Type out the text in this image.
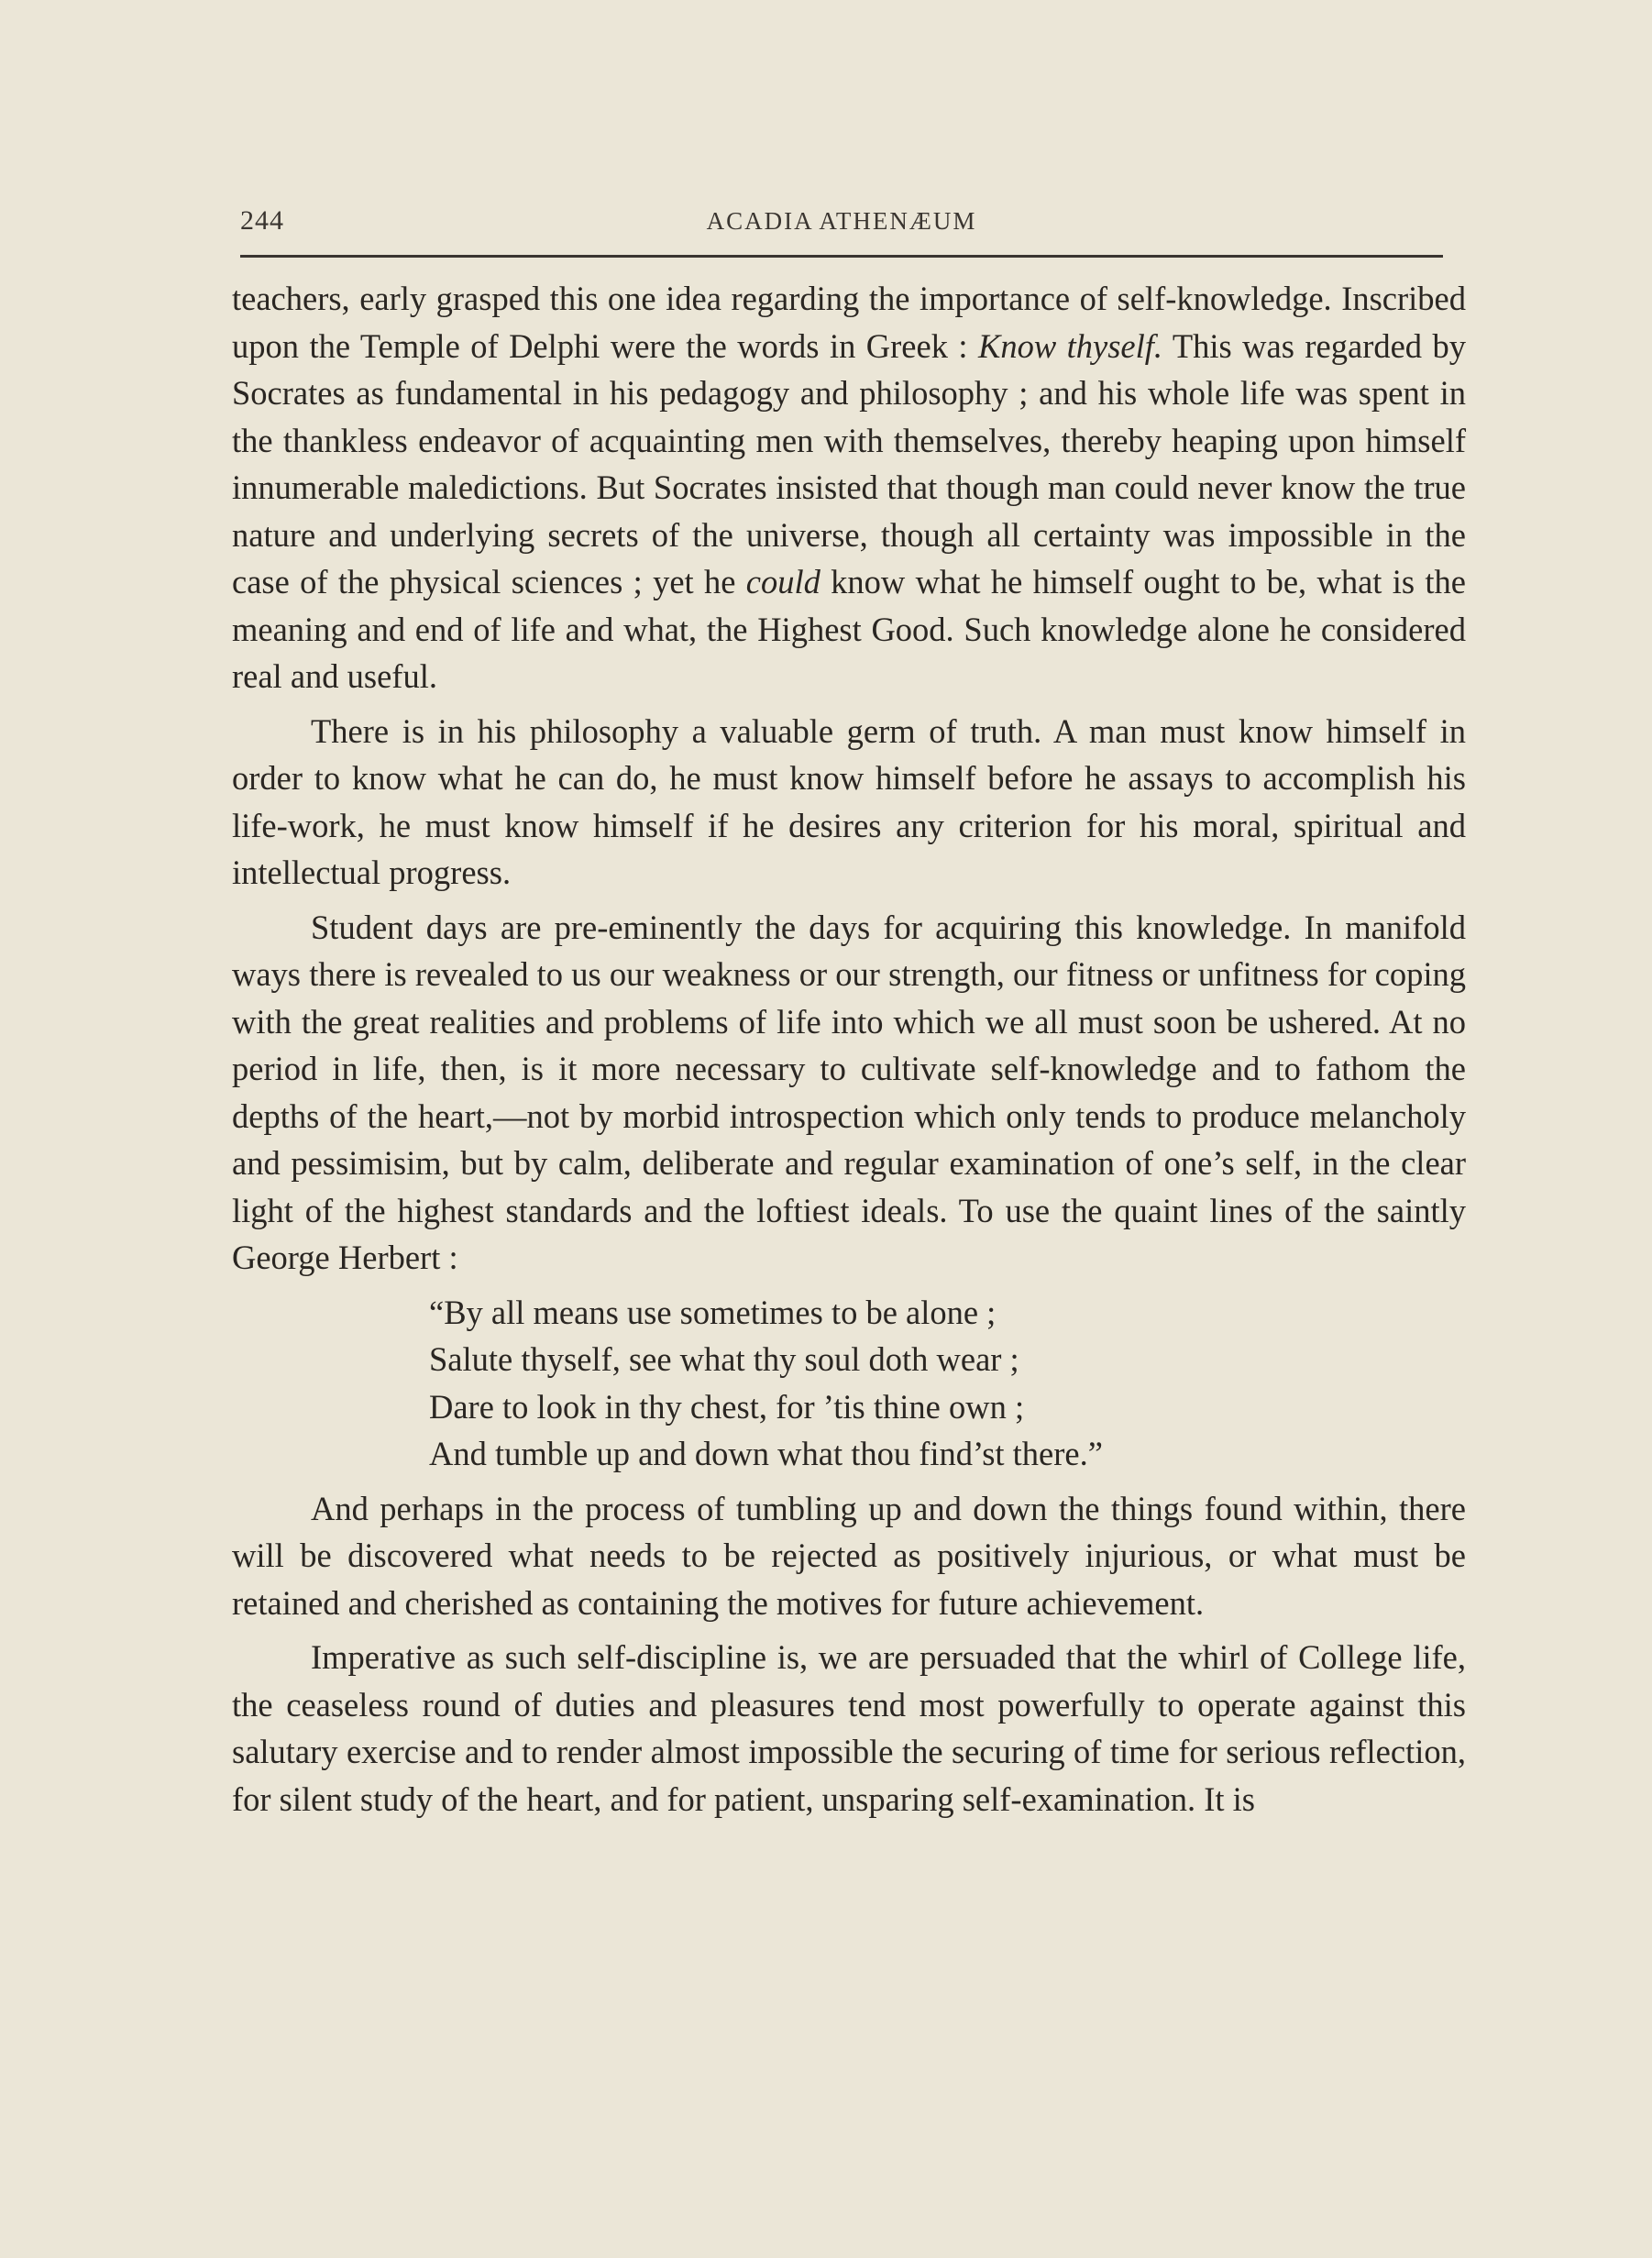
244	ACADIA ATHENÆUM

teachers, early grasped this one idea regarding the importance of self-knowledge. Inscribed upon the Temple of Delphi were the words in Greek : Know thyself. This was regarded by Socrates as fundamental in his pedagogy and philosophy ; and his whole life was spent in the thankless endeavor of acquainting men with themselves, thereby heaping upon himself innumerable maledictions. But Socrates insisted that though man could never know the true nature and underlying secrets of the universe, though all certainty was impossible in the case of the physical sciences ; yet he could know what he himself ought to be, what is the meaning and end of life and what, the Highest Good. Such knowledge alone he considered real and useful.

There is in his philosophy a valuable germ of truth. A man must know himself in order to know what he can do, he must know himself before he assays to accomplish his life-work, he must know himself if he desires any criterion for his moral, spiritual and intellectual progress.

Student days are pre-eminently the days for acquiring this knowledge. In manifold ways there is revealed to us our weakness or our strength, our fitness or unfitness for coping with the great realities and problems of life into which we all must soon be ushered. At no period in life, then, is it more necessary to cultivate self-knowledge and to fathom the depths of the heart,—not by morbid introspection which only tends to produce melancholy and pessimisim, but by calm, deliberate and regular examination of one’s self, in the clear light of the highest standards and the loftiest ideals. To use the quaint lines of the saintly George Herbert :

“By all means use sometimes to be alone ;
Salute thyself, see what thy soul doth wear ;
Dare to look in thy chest, for ’tis thine own ;
And tumble up and down what thou find’st there.”

And perhaps in the process of tumbling up and down the things found within, there will be discovered what needs to be rejected as positively injurious, or what must be retained and cherished as containing the motives for future achievement.

Imperative as such self-discipline is, we are persuaded that the whirl of College life, the ceaseless round of duties and pleasures tend most powerfully to operate against this salutary exercise and to render almost impossible the securing of time for serious reflection, for silent study of the heart, and for patient, unsparing self-examination. It is
